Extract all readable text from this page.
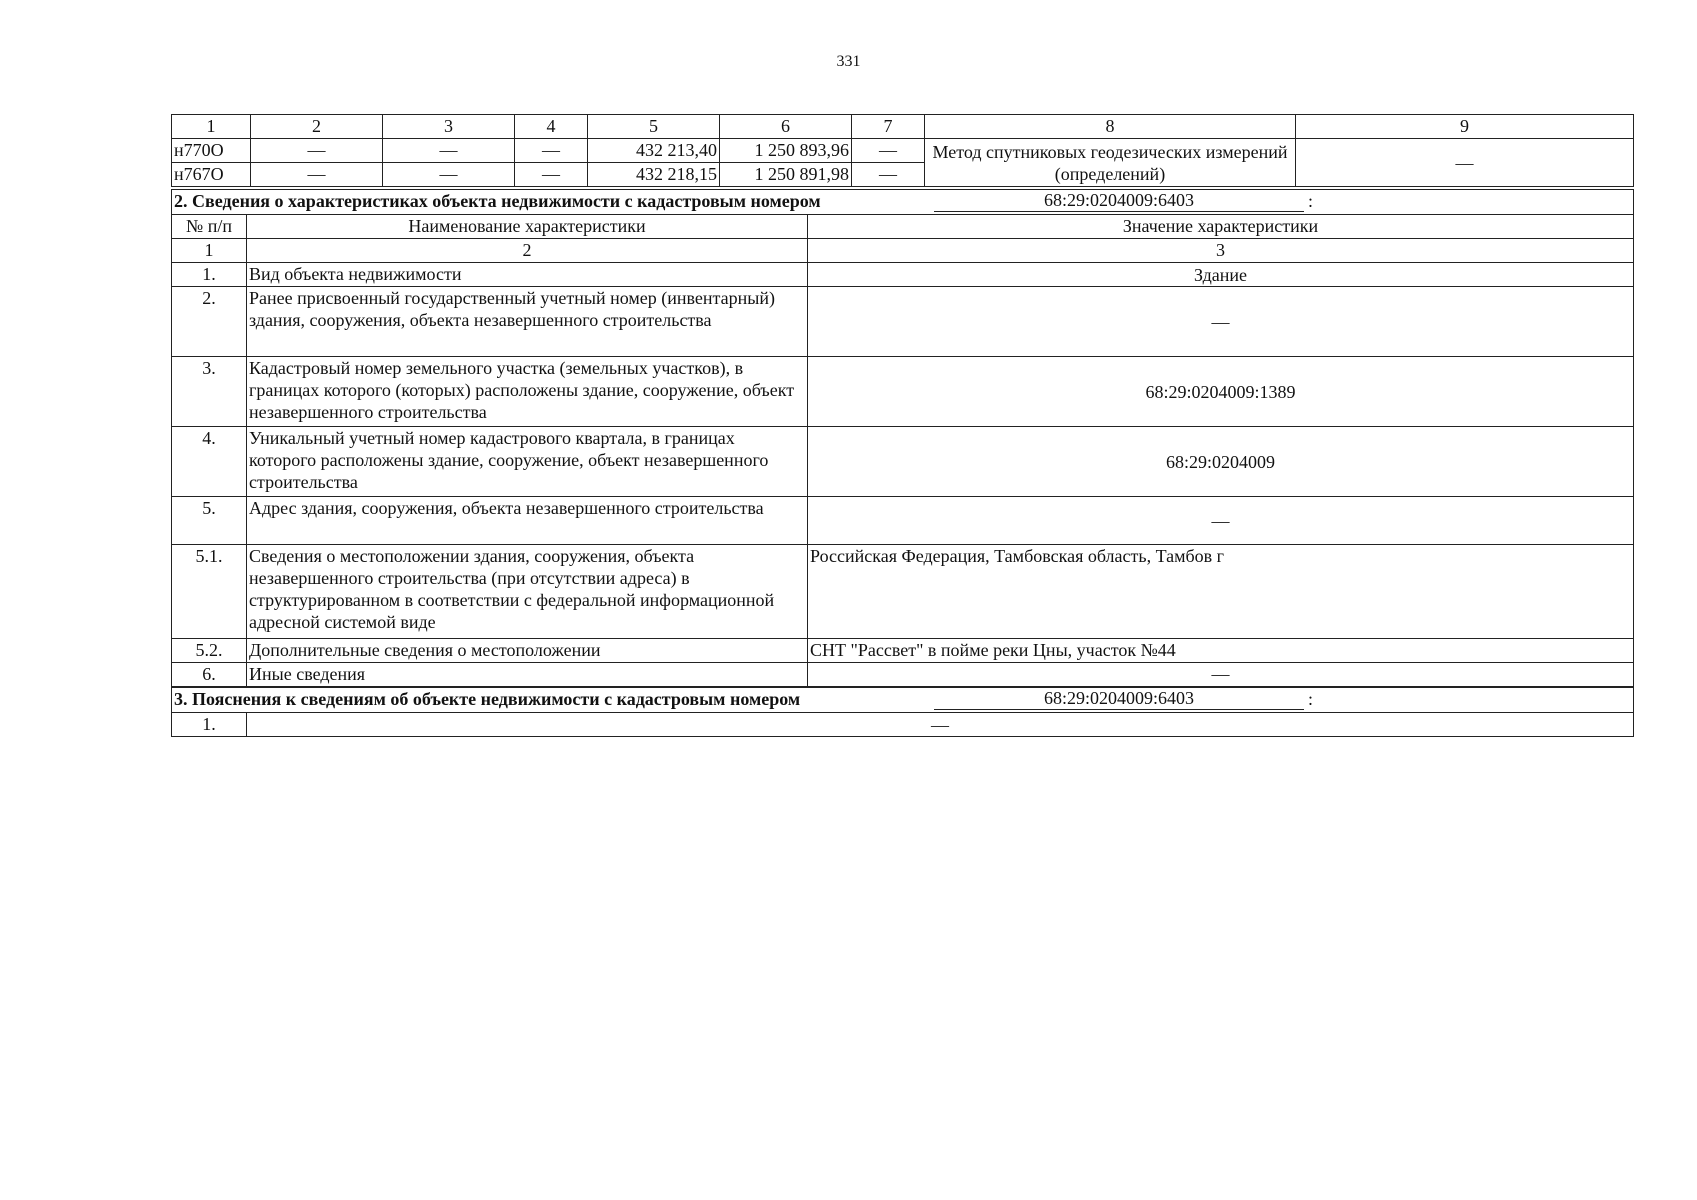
331
1	2	3	4	5	6	7	8	9
н770О	—	—	—	432 213,40	1 250 893,96	—	Метод спутниковых геодезических измерений (определений)	—
н767О	—	—	—	432 218,15	1 250 891,98	—		
2. Сведения о характеристиках объекта недвижимости с кадастровым номером 68:29:0204009:6403 :		

№ п/п	Наименование характеристики	Значение характеристики
1	2	3
1.	Вид объекта недвижимости	Здание
2.	Ранее присвоенный государственный учетный номер (инвентарный) здания, сооружения, объекта незавершенного строительства	—
3.	Кадастровый номер земельного участка (земельных участков), в границах которого (которых) расположены здание, сооружение, объект незавершенного строительства	68:29:0204009:1389
4.	Уникальный учетный номер кадастрового квартала, в границах которого расположены здание, сооружение, объект незавершенного строительства	68:29:0204009
5.	Адрес здания, сооружения, объекта незавершенного строительства	—
5.1.	Сведения о местоположении здания, сооружения, объекта незавершенного строительства (при отсутствии адреса) в структурированном в соответствии с федеральной информационной адресной системой виде	Российская Федерация, Тамбовская область, Тамбов г
5.2.	Дополнительные сведения о местоположении	СНТ "Рассвет" в пойме реки Цны, участок №44
6.	Иные сведения	—
3. Пояснения к сведениям об объекте недвижимости с кадастровым номером 68:29:0204009:6403 :		

1.	—	
